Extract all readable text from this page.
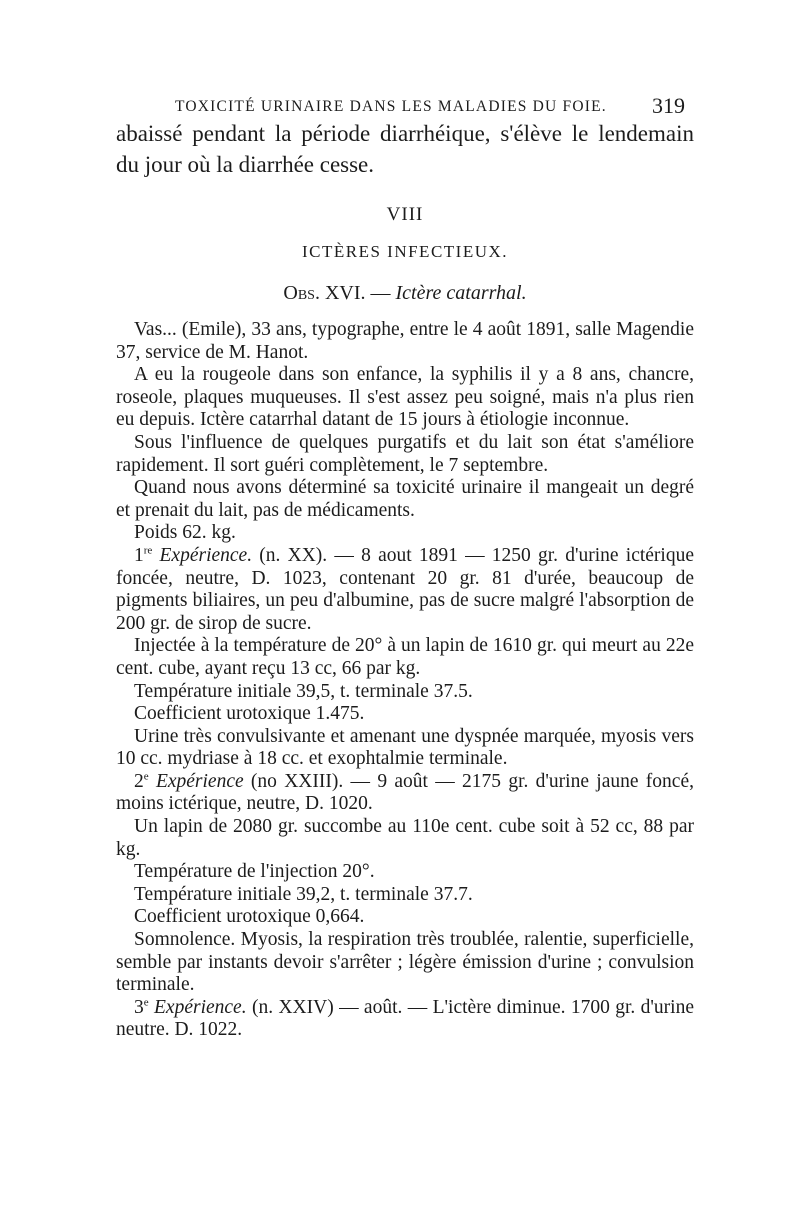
TOXICITÉ URINAIRE DANS LES MALADIES DU FOIE. 319

abaissé pendant la période diarrhéique, s'élève le lendemain du jour où la diarrhée cesse.

VIII
ICTÈRES INFECTIEUX.
Obs. XVI. — Ictère catarrhal.

Vas... (Emile), 33 ans, typographe, entre le 4 août 1891, salle Magendie 37, service de M. Hanot.

A eu la rougeole dans son enfance, la syphilis il y a 8 ans, chancre, roseole, plaques muqueuses. Il s'est assez peu soigné, mais n'a plus rien eu depuis. Ictère catarrhal datant de 15 jours à étiologie inconnue.

Sous l'influence de quelques purgatifs et du lait son état s'améliore rapidement. Il sort guéri complètement, le 7 septembre.

Quand nous avons déterminé sa toxicité urinaire il mangeait un degré et prenait du lait, pas de médicaments.

Poids 62. kg.

1re Expérience. (n. XX). — 8 aout 1891 — 1250 gr. d'urine ictérique foncée, neutre, D. 1023, contenant 20 gr. 81 d'urée, beaucoup de pigments biliaires, un peu d'albumine, pas de sucre malgré l'absorption de 200 gr. de sirop de sucre.

Injectée à la température de 20° à un lapin de 1610 gr. qui meurt au 22e cent. cube, ayant reçu 13 cc, 66 par kg.

Température initiale 39,5, t. terminale 37.5.

Coefficient urotoxique 1.475.

Urine très convulsivante et amenant une dyspnée marquée, myosis vers 10 cc. mydriase à 18 cc. et exophtalmie terminale.

2e Expérience (no XXIII). — 9 août — 2175 gr. d'urine jaune foncé, moins ictérique, neutre, D. 1020.

Un lapin de 2080 gr. succombe au 110e cent. cube soit à 52 cc, 88 par kg.

Température de l'injection 20°.

Température initiale 39,2, t. terminale 37.7.

Coefficient urotoxique 0,664.

Somnolence. Myosis, la respiration très troublée, ralentie, superficielle, semble par instants devoir s'arrêter ; légère émission d'urine ; convulsion terminale.

3e Expérience. (n. XXIV) — août. — L'ictère diminue. 1700 gr. d'urine neutre. D. 1022.
